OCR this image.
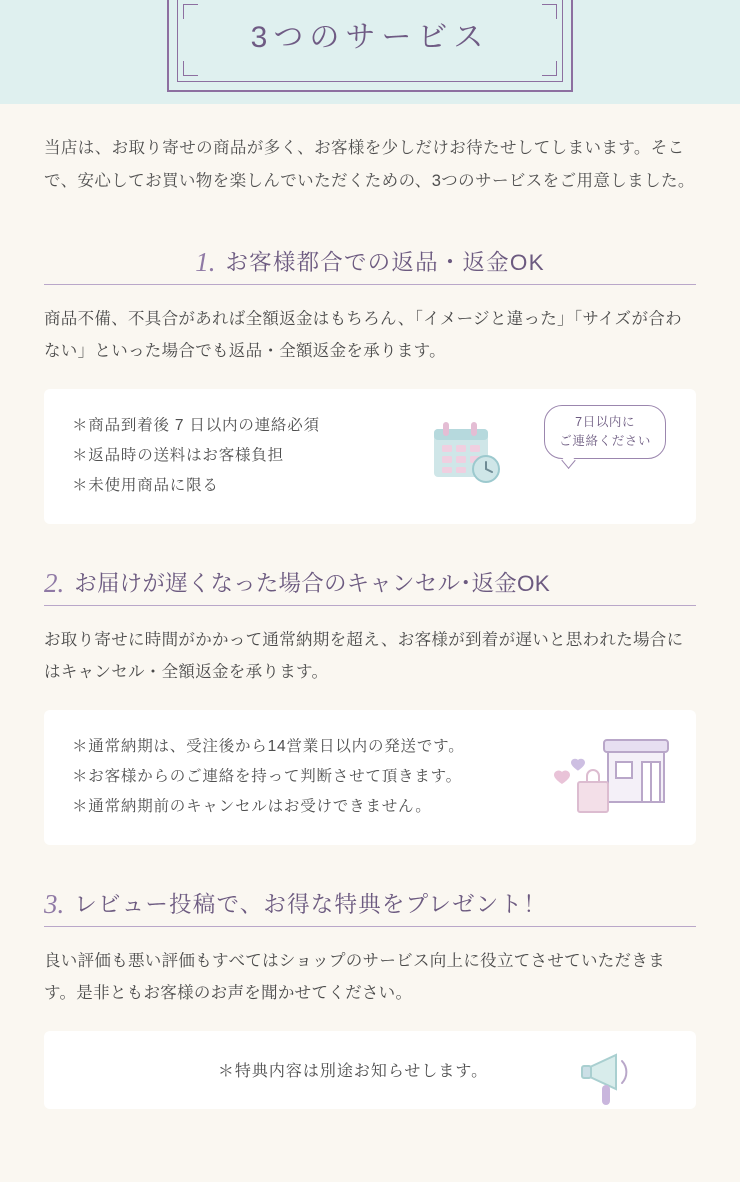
3つのサービス

当店は、お取り寄せの商品が多く、お客様を少しだけお待たせしてしまいます。そこで、安心してお買い物を楽しんでいただくための、3つのサービスをご用意しました。

1. お客様都合での返品・返金OK

商品不備、不具合があれば全額返金はもちろん、「イメージと違った」「サイズが合わない」といった場合でも返品・全額返金を承ります。

＊商品到着後 7 日以内の連絡必須
＊返品時の送料はお客様負担
＊未使用商品に限る
7日以内に
ご連絡ください
2. お届けが遅くなった場合のキャンセル･返金OK

お取り寄せに時間がかかって通常納期を超え、お客様が到着が遅いと思われた場合にはキャンセル・全額返金を承ります。

＊通常納期は、受注後から14営業日以内の発送です。
＊お客様からのご連絡を持って判断させて頂きます。
＊通常納期前のキャンセルはお受けできません。
3. レビュー投稿で、お得な特典をプレゼント！

良い評価も悪い評価もすべてはショップのサービス向上に役立てさせていただきます。是非ともお客様のお声を聞かせてください。

＊特典内容は別途お知らせします。
